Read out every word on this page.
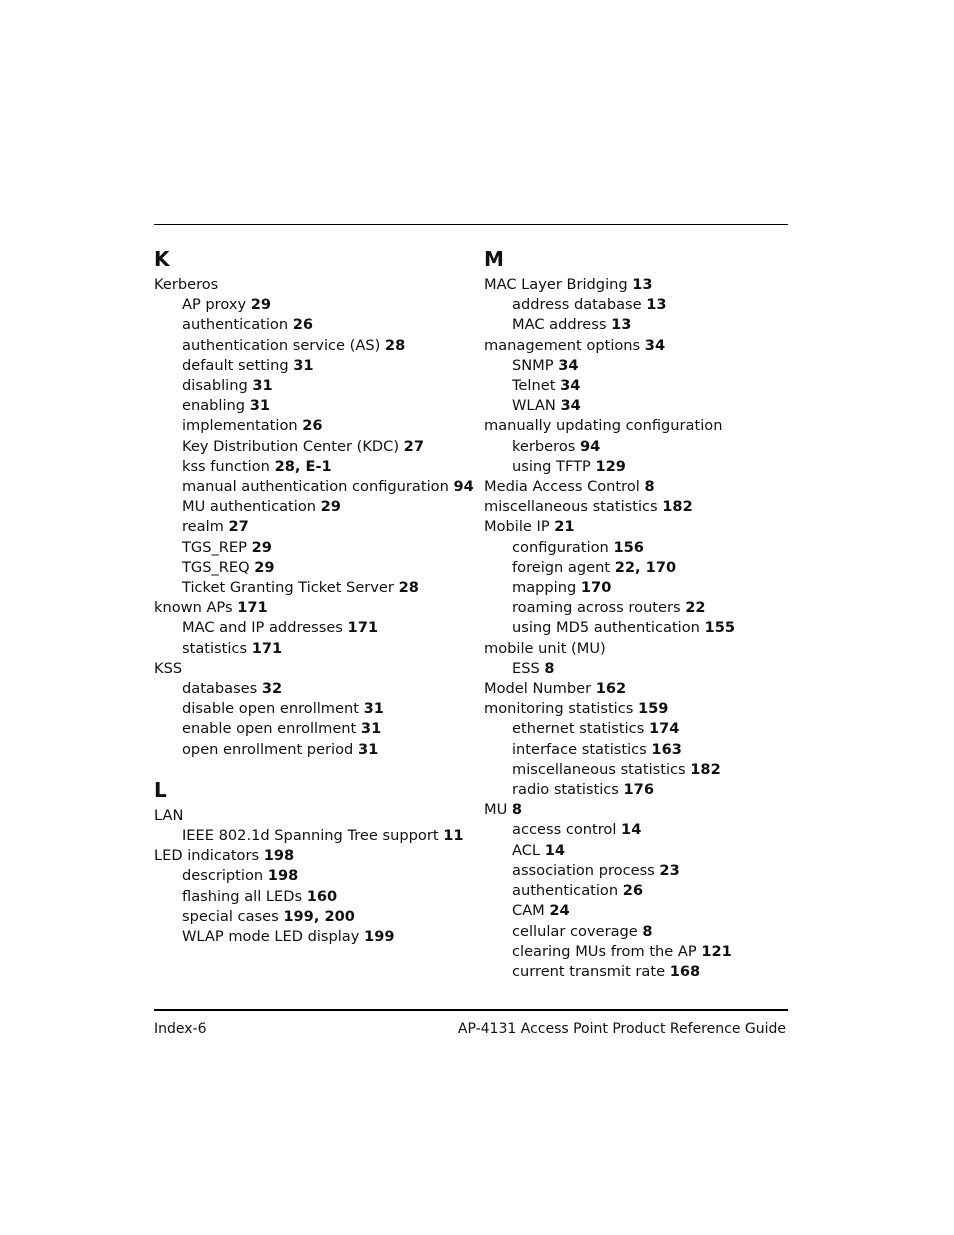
K
Kerberos
AP proxy 29
authentication 26
authentication service (AS) 28
default setting 31
disabling 31
enabling 31
implementation 26
Key Distribution Center (KDC) 27
kss function 28, E-1
manual authentication configuration 94
MU authentication 29
realm 27
TGS_REP 29
TGS_REQ 29
Ticket Granting Ticket Server 28
known APs 171
MAC and IP addresses 171
statistics 171
KSS
databases 32
disable open enrollment 31
enable open enrollment 31
open enrollment period 31
L
LAN
IEEE 802.1d Spanning Tree support 11
LED indicators 198
description 198
flashing all LEDs 160
special cases 199, 200
WLAP mode LED display 199
M
MAC Layer Bridging 13
address database 13
MAC address 13
management options 34
SNMP 34
Telnet 34
WLAN 34
manually updating configuration
kerberos 94
using TFTP 129
Media Access Control 8
miscellaneous statistics 182
Mobile IP 21
configuration 156
foreign agent 22, 170
mapping 170
roaming across routers 22
using MD5 authentication 155
mobile unit (MU)
ESS 8
Model Number 162
monitoring statistics 159
ethernet statistics 174
interface statistics 163
miscellaneous statistics 182
radio statistics 176
MU 8
access control 14
ACL 14
association process 23
authentication 26
CAM 24
cellular coverage 8
clearing MUs from the AP 121
current transmit rate 168
Index-6	AP-4131 Access Point Product Reference Guide
